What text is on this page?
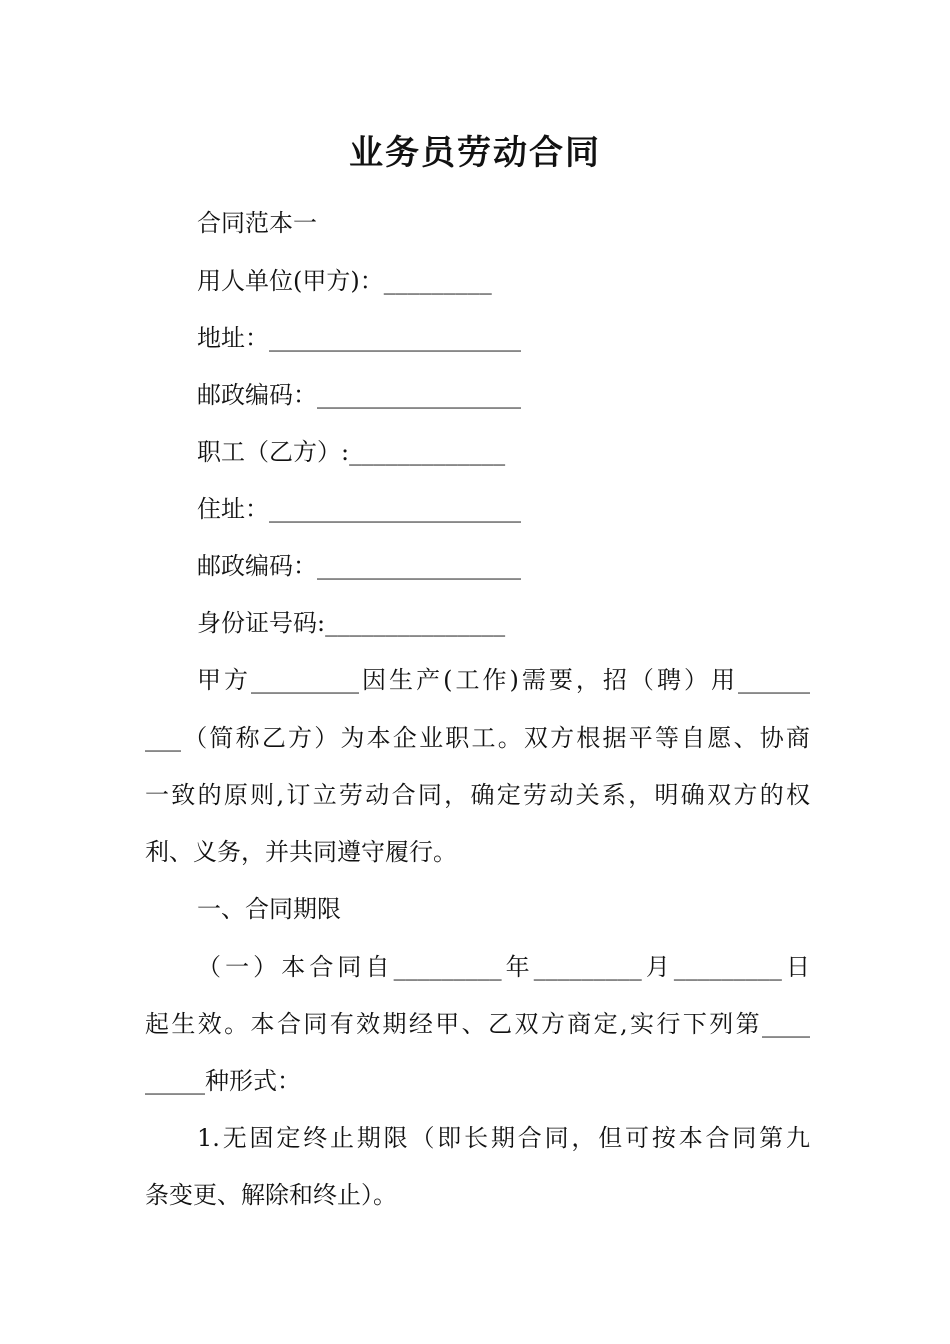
业务员劳动合同
合同范本一
用人单位(甲方)：_________
地址：_____________________
邮政编码：_________________
职工（乙方）:_____________
住址：_____________________
邮政编码：_________________
身份证号码:_______________
甲方_________因生产(工作)需要，招（聘）用______
___（简称乙方）为本企业职工。双方根据平等自愿、协商
一致的原则,订立劳动合同，确定劳动关系，明确双方的权
利、义务，并共同遵守履行。
一、合同期限
（一）本合同自_________年_________月_________日
起生效。本合同有效期经甲、乙双方商定,实行下列第____
_____种形式：
1.无固定终止期限（即长期合同，但可按本合同第九
条变更、解除和终止）。
